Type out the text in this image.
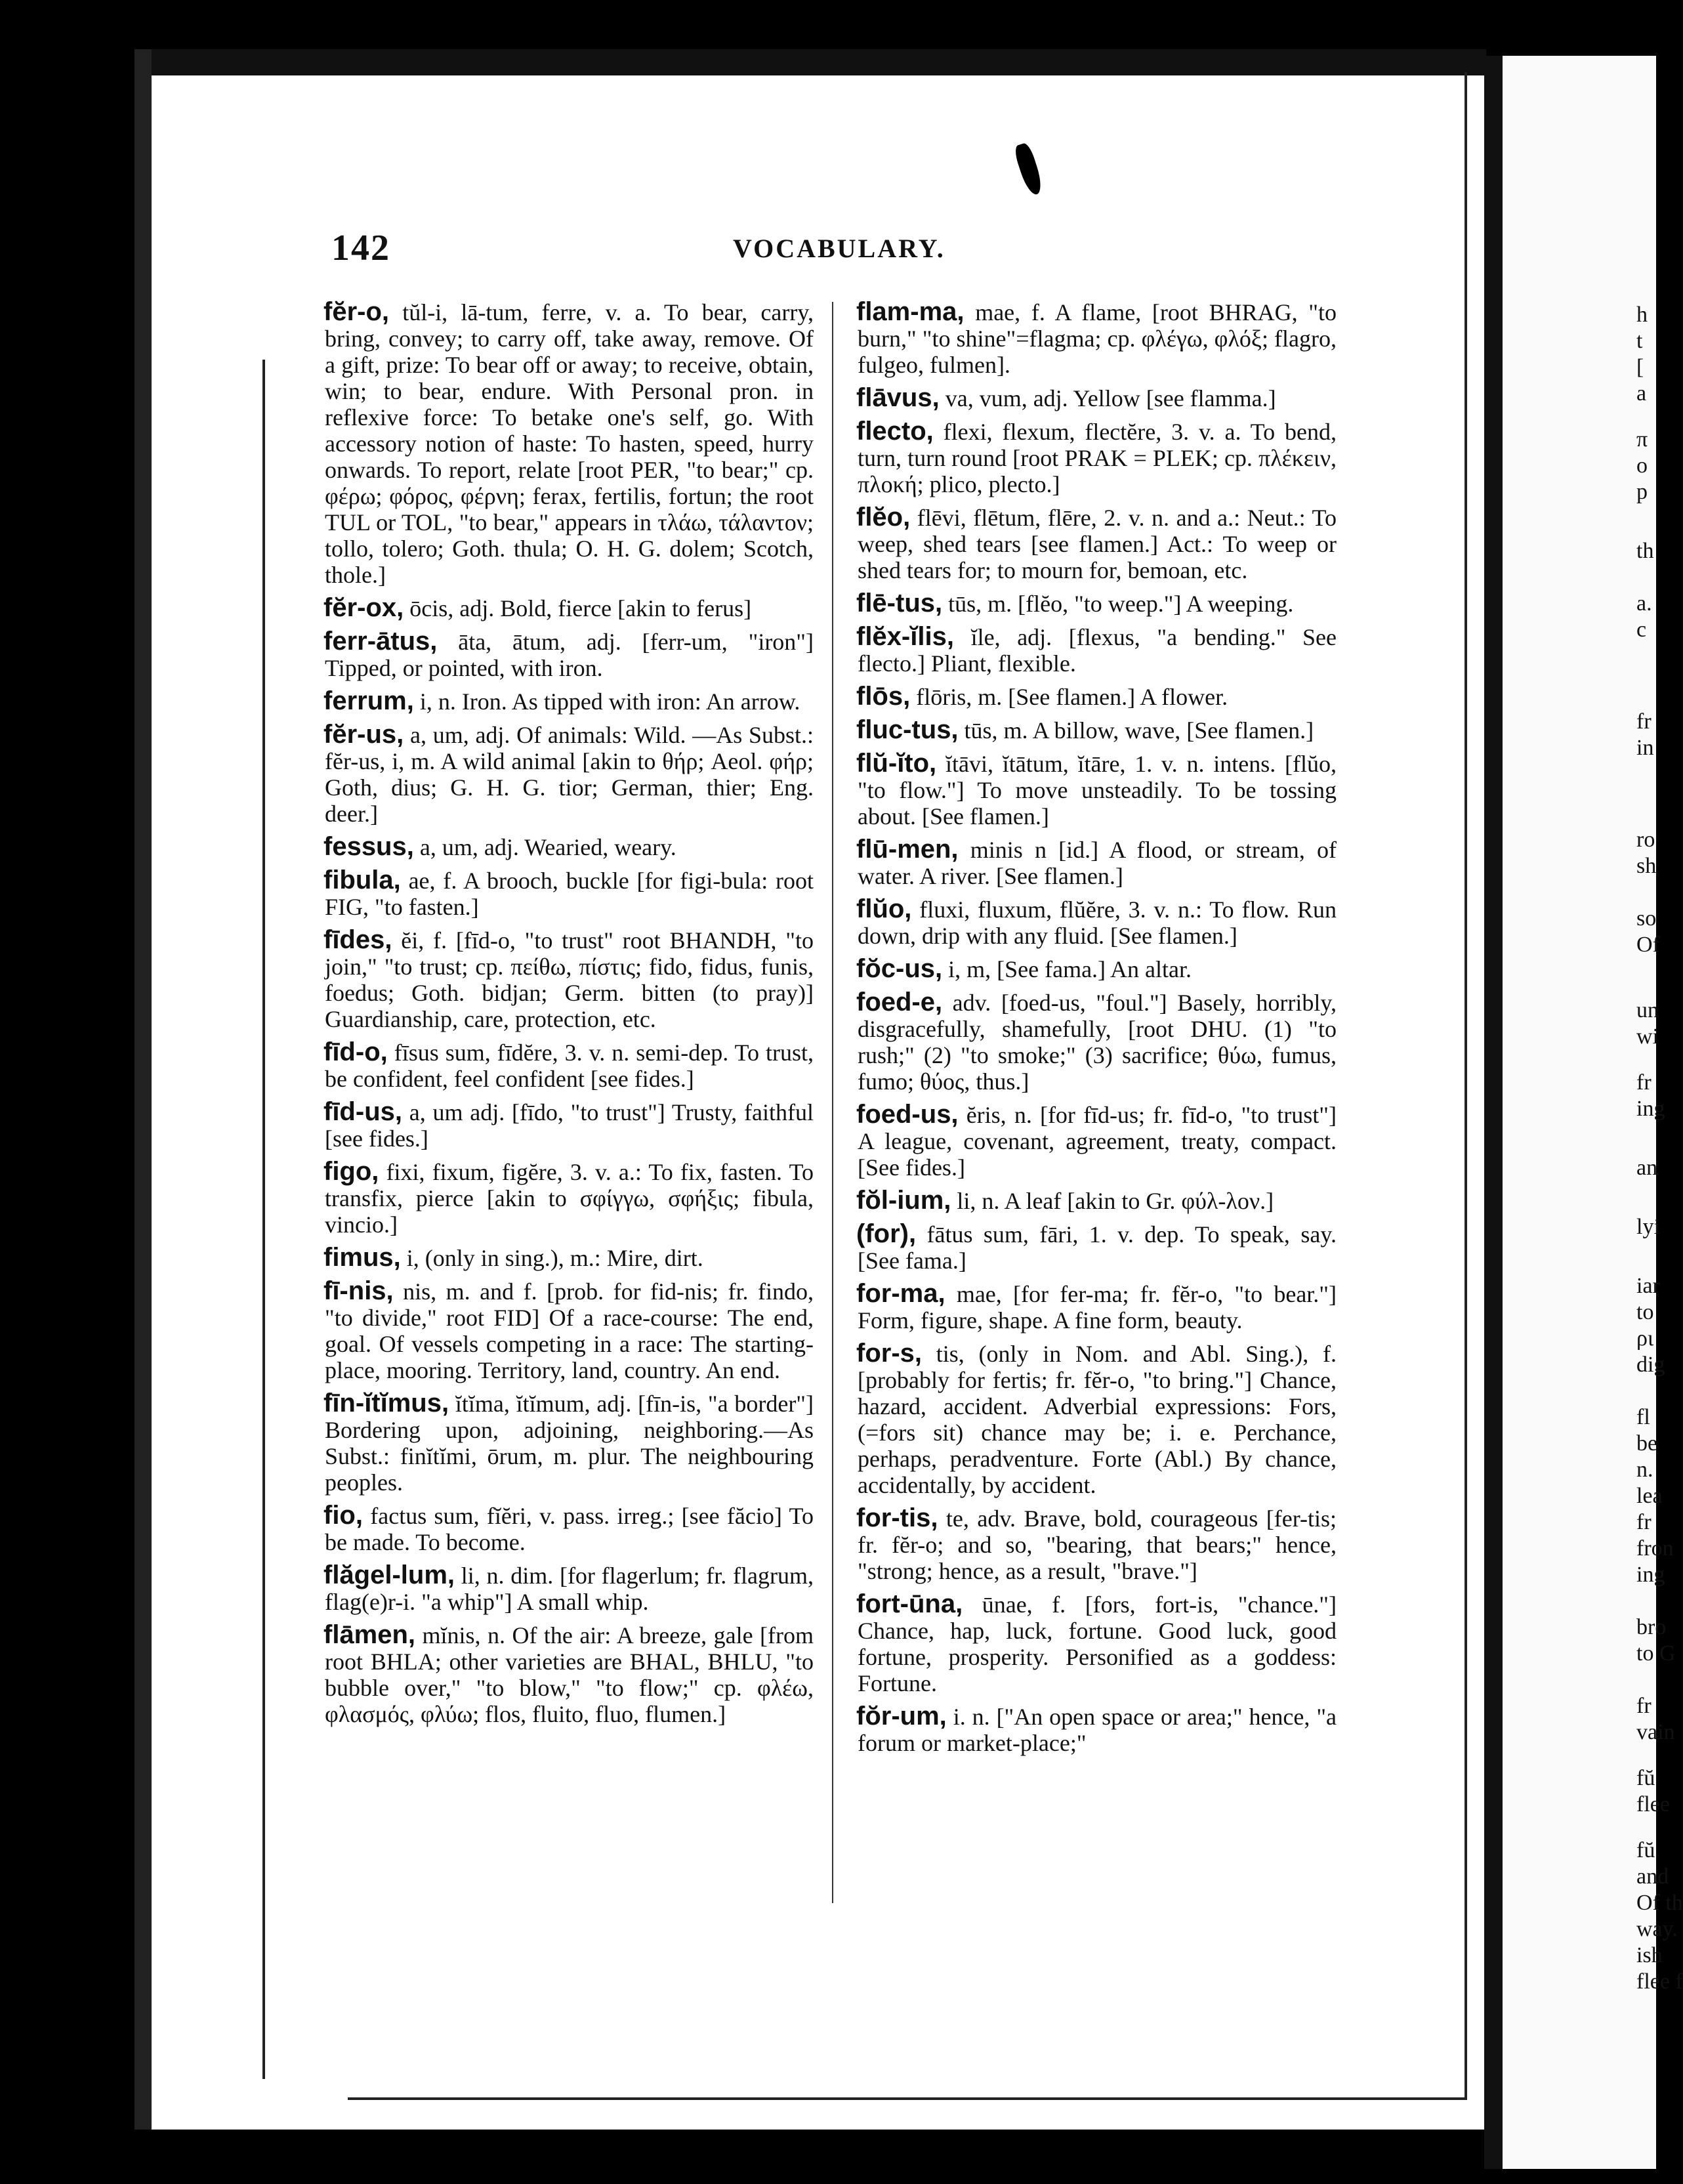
142	VOCABULARY.
fĕr-o, tŭl-i, lā-tum, ferre, v. a. To bear, carry, bring, convey; to carry off, take away, remove. Of a gift, prize: To bear off or away; to receive, obtain, win; to bear, endure. With Personal pron. in reflexive force: To betake one's self, go. With accessory notion of haste: To hasten, speed, hurry onwards. To report, relate [root PER, "to bear;" cp. φέρω; φόρος, φέρνη; ferax, fertilis, fortun; the root TUL or TOL, "to bear," appears in τλάω, τάλαντον; tollo, tolero; Goth. thula; O. H. G. dolem; Scotch, thole.]
fĕr-ox, ōcis, adj. Bold, fierce [akin to ferus]
ferr-ātus, āta, ātum, adj. [ferr-um, "iron"] Tipped, or pointed, with iron.
ferrum, i, n. Iron. As tipped with iron: An arrow.
fĕr-us, a, um, adj. Of animals: Wild. —As Subst.: fĕr-us, i, m. A wild animal [akin to θήρ; Aeol. φήρ; Goth, dius; G. H. G. tior; German, thier; Eng. deer.]
fessus, a, um, adj. Wearied, weary.
fibula, ae, f. A brooch, buckle [for figi-bula: root FIG, "to fasten.]
fīdes, ĕi, f. [fīd-o, "to trust" root BHANDH, "to join," "to trust; cp. πείθω, πίστις; fido, fidus, funis, foedus; Goth. bidjan; Germ. bitten (to pray)] Guardianship, care, protection, etc.
fīd-o, fīsus sum, fīdĕre, 3. v. n. semi-dep. To trust, be confident, feel confident [see fides.]
fīd-us, a, um adj. [fīdo, "to trust"] Trusty, faithful [see fides.]
figo, fixi, fixum, figĕre, 3. v. a.: To fix, fasten. To transfix, pierce [akin to σφίγγω, σφήξις; fibula, vincio.]
fimus, i, (only in sing.), m.: Mire, dirt.
fī-nis, nis, m. and f. [prob. for fid-nis; fr. findo, "to divide," root FID] Of a race-course: The end, goal. Of vessels competing in a race: The starting-place, mooring. Territory, land, country. An end.
fīn-ĭtĭmus, ĭtĭma, ĭtĭmum, adj. [fīn-is, "a border"] Bordering upon, adjoining, neighboring.—As Subst.: finĭtĭmi, ōrum, m. plur. The neighbouring peoples.
fio, factus sum, fĭĕri, v. pass. irreg.; [see făcio] To be made. To become.
flăgel-lum, li, n. dim. [for flagerlum; fr. flagrum, flag(e)r-i. "a whip"] A small whip.
flāmen, mĭnis, n. Of the air: A breeze, gale [from root BHLA; other varieties are BHAL, BHLU, "to bubble over," "to blow," "to flow;" cp. φλέω, φλασμός, φλύω; flos, fluito, fluo, flumen.]
flam-ma, mae, f. A flame, [root BHRAG, "to burn," "to shine"=flagma; cp. φλέγω, φλόξ; flagro, fulgeo, fulmen].
flāvus, va, vum, adj. Yellow [see flamma.]
flecto, flexi, flexum, flectĕre, 3. v. a. To bend, turn, turn round [root PRAK = PLEK; cp. πλέκειν, πλοκή; plico, plecto.]
flĕo, flēvi, flētum, flēre, 2. v. n. and a.: Neut.: To weep, shed tears [see flamen.] Act.: To weep or shed tears for; to mourn for, bemoan, etc.
flē-tus, tūs, m. [flĕo, "to weep."] A weeping.
flĕx-ĭlis, ĭle, adj. [flexus, "a bending." See flecto.] Pliant, flexible.
flōs, flōris, m. [See flamen.] A flower.
fluc-tus, tūs, m. A billow, wave, [See flamen.]
flŭ-ĭto, ĭtāvi, ĭtātum, ĭtāre, 1. v. n. intens. [flŭo, "to flow."] To move unsteadily. To be tossing about. [See flamen.]
flū-men, minis n [id.] A flood, or stream, of water. A river. [See flamen.]
flŭo, fluxi, fluxum, flŭĕre, 3. v. n.: To flow. Run down, drip with any fluid. [See flamen.]
fŏc-us, i, m, [See fama.] An altar.
foed-e, adv. [foed-us, "foul."] Basely, horribly, disgracefully, shamefully, [root DHU. (1) "to rush;" (2) "to smoke;" (3) sacrifice; θύω, fumus, fumo; θύος, thus.]
foed-us, ĕris, n. [for fīd-us; fr. fīd-o, "to trust"] A league, covenant, agreement, treaty, compact. [See fides.]
fŏl-ium, li, n. A leaf [akin to Gr. φύλ-λον.]
(for), fātus sum, fāri, 1. v. dep. To speak, say. [See fama.]
for-ma, mae, [for fer-ma; fr. fĕr-o, "to bear."] Form, figure, shape. A fine form, beauty.
for-s, tis, (only in Nom. and Abl. Sing.), f. [probably for fertis; fr. fĕr-o, "to bring."] Chance, hazard, accident. Adverbial expressions: Fors, (=fors sit) chance may be; i. e. Perchance, perhaps, peradventure. Forte (Abl.) By chance, accidentally, by accident.
for-tis, te, adv. Brave, bold, courageous [fer-tis; fr. fĕr-o; and so, "bearing, that bears;" hence, "strong; hence, as a result, "brave."]
fort-ūna, ūnae, f. [fors, fort-is, "chance."] Chance, hap, luck, fortune. Good luck, good fortune, prosperity. Personified as a goddess: Fortune.
fŏr-um, i. n. ["An open space or area;" hence, "a forum or market-place;"
h
t
[
a
π
o
p
th
a.
c
fr
in
ro
sh
so
Of
un
wi
fr
ing
an
lyi
iar
to
ρι
dig
fl
be
n.
lea
fr
fron
ing
bro
to G
fr
vain
fŭ
flee
fŭ
and
Of th
way.
ish
flee f
